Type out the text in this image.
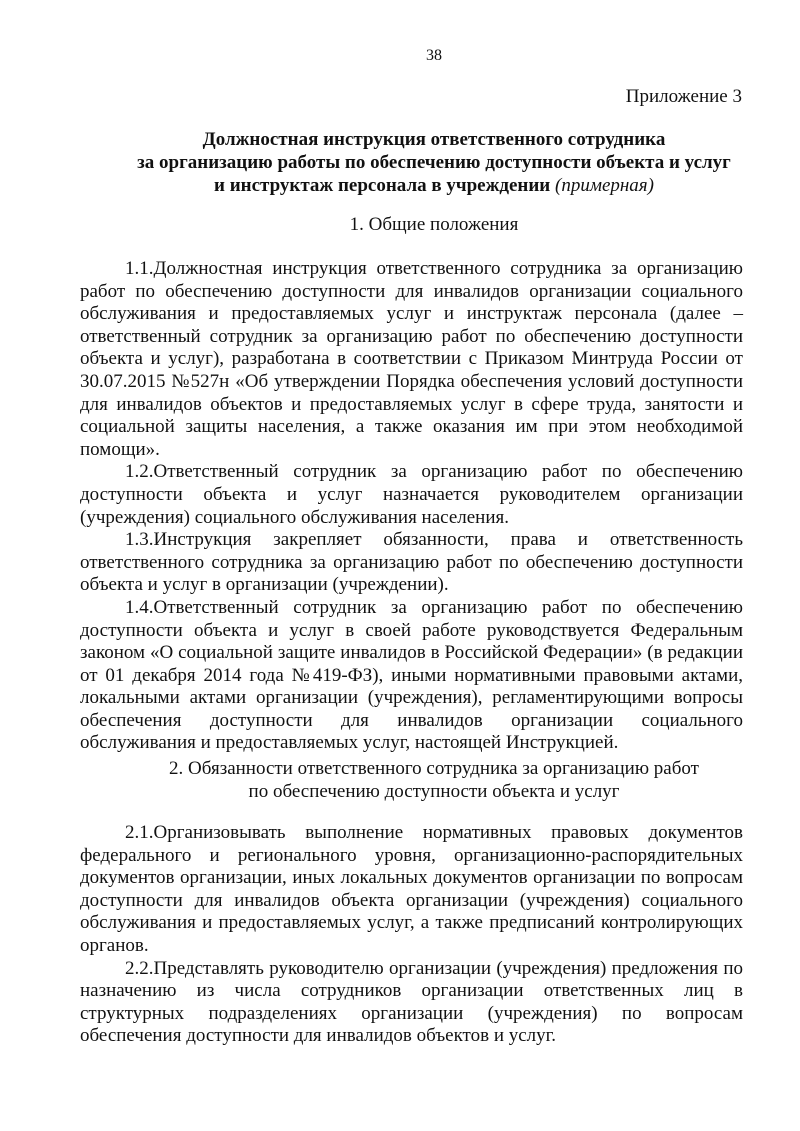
38
Приложение 3
Должностная инструкция ответственного сотрудника
за организацию работы по обеспечению доступности объекта и услуг
и инструктаж персонала в учреждении (примерная)
1. Общие положения

1.1.Должностная инструкция ответственного сотрудника за организацию работ по обеспечению доступности для инвалидов организации социального обслуживания и предоставляемых услуг и инструктаж персонала (далее – ответственный сотрудник за организацию работ по обеспечению доступности объекта и услуг), разработана в соответствии с Приказом Минтруда России от 30.07.2015 №527н «Об утверждении Порядка обеспечения условий доступности для инвалидов объектов и предоставляемых услуг в сфере труда, занятости и социальной защиты населения, а также оказания им при этом необходимой помощи».

1.2.Ответственный сотрудник за организацию работ по обеспечению доступности объекта и услуг назначается руководителем организации (учреждения) социального обслуживания населения.

1.3.Инструкция закрепляет обязанности, права и ответственность ответственного сотрудника за организацию работ по обеспечению доступности объекта и услуг в организации (учреждении).

1.4.Ответственный сотрудник за организацию работ по обеспечению доступности объекта и услуг в своей работе руководствуется Федеральным законом «О социальной защите инвалидов в Российской Федерации» (в редакции от 01 декабря 2014 года №419-ФЗ), иными нормативными правовыми актами, локальными актами организации (учреждения), регламентирующими вопросы обеспечения доступности для инвалидов организации социального обслуживания и предоставляемых услуг, настоящей Инструкцией.

2. Обязанности ответственного сотрудника за организацию работ
по обеспечению доступности объекта и услуг

2.1.Организовывать выполнение нормативных правовых документов федерального и регионального уровня, организационно-распорядительных документов организации, иных локальных документов организации по вопросам доступности для инвалидов объекта организации (учреждения) социального обслуживания и предоставляемых услуг, а также предписаний контролирующих органов.

2.2.Представлять руководителю организации (учреждения) предложения по назначению из числа сотрудников организации ответственных лиц в структурных подразделениях организации (учреждения) по вопросам обеспечения доступности для инвалидов объектов и услуг.
